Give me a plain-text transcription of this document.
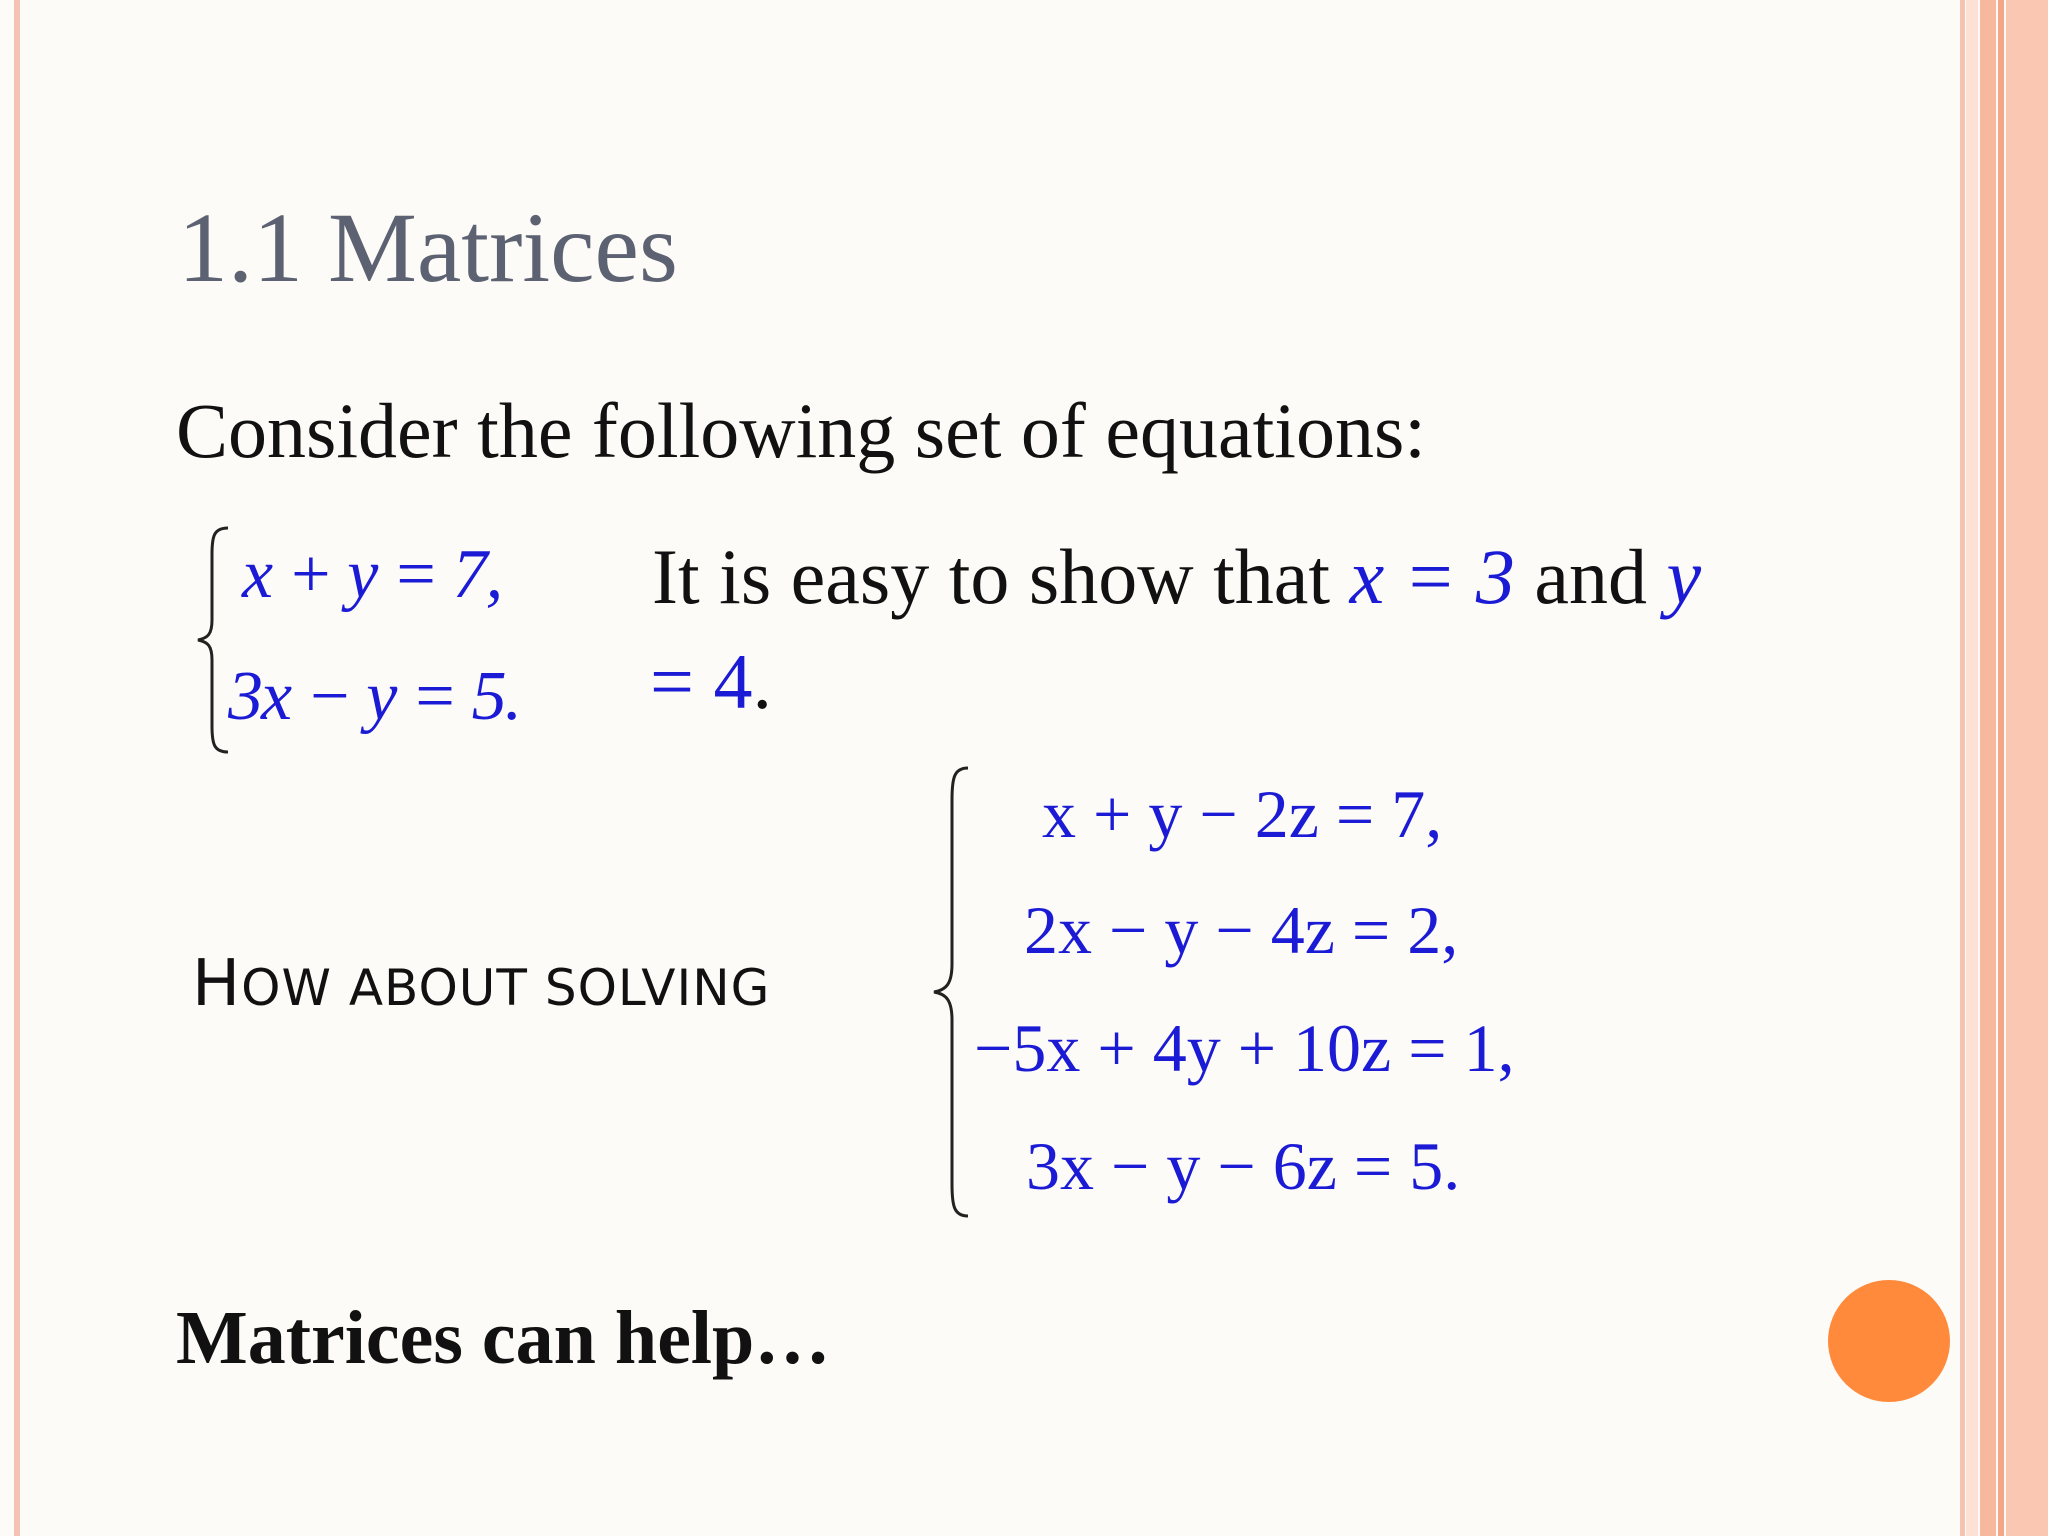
1.1 Matrices
Consider the following set of equations:
x + y = 7,
3x − y = 5.
It is easy to show that x = 3 and y
= 4.
HOW ABOUT SOLVING
x + y − 2z = 7,
2x − y − 4z = 2,
−5x + 4y + 10z = 1,
3x − y − 6z = 5.
Matrices can help…
